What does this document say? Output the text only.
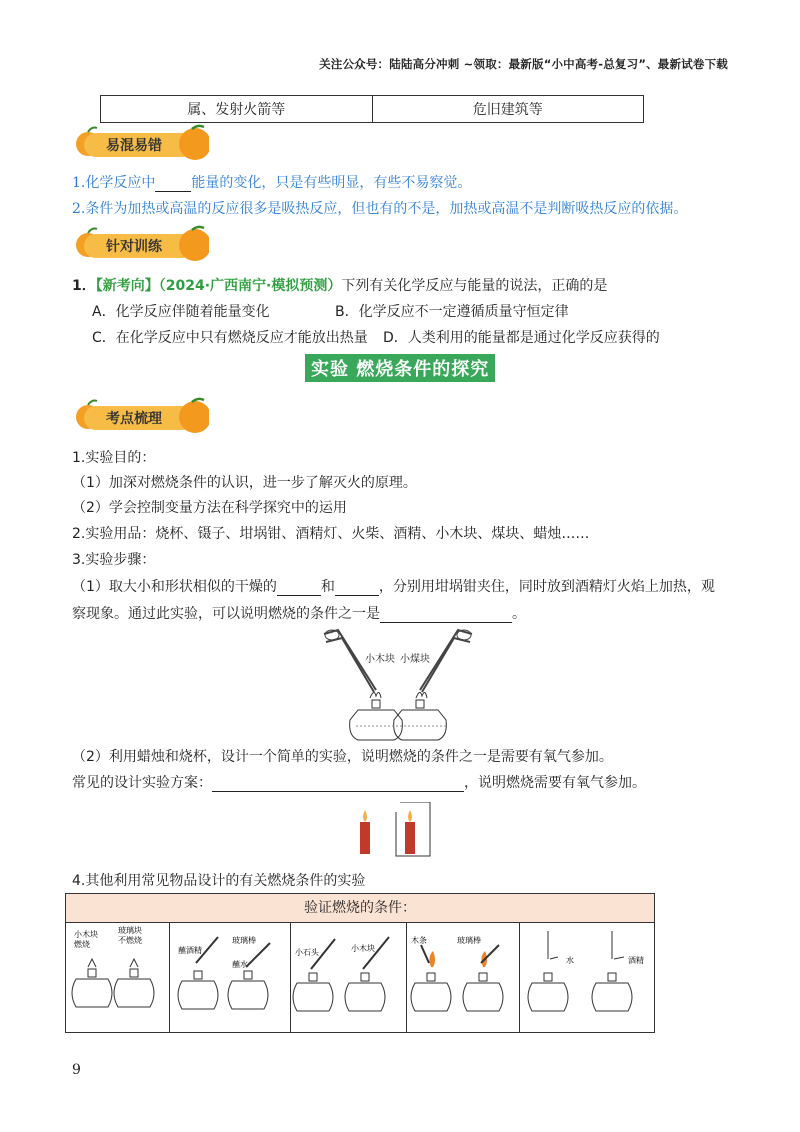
关注公众号：陆陆高分冲刺 ~领取：最新版“小中高考-总复习”、最新试卷下载
属、发射火箭等	危旧建筑等
易混易错
1.化学反应中	能量的变化，只是有些明显，有些不易察觉。
2.条件为加热或高温的反应很多是吸热反应，但也有的不是，加热或高温不是判断吸热反应的依据。
针对训练
1．【新考向】（2024·广西南宁·模拟预测）下列有关化学反应与能量的说法，正确的是
A．化学反应伴随着能量变化	B．化学反应不一定遵循质量守恒定律
C．在化学反应中只有燃烧反应才能放出热量 D．人类利用的能量都是通过化学反应获得的
实验 燃烧条件的探究
考点梳理
1.实验目的：
（1）加深对燃烧条件的认识，进一步了解灭火的原理。
（2）学会控制变量方法在科学探究中的运用
2.实验用品：烧杯、镊子、坩埚钳、酒精灯、火柴、酒精、小木块、煤块、蜡烛……
3.实验步骤：
（1）取大小和形状相似的干燥的	和	，分别用坩埚钳夹住，同时放到酒精灯火焰上加热，观
察现象。通过此实验，可以说明燃烧的条件之一是	。
小木块 小煤块
（2）利用蜡烛和烧杯，设计一个简单的实验，说明燃烧的条件之一是需要有氧气参加。
常见的设计实验方案：	，说明燃烧需要有氧气参加。
4.其他利用常见物品设计的有关燃烧条件的实验
验证燃烧的条件：
小木块
燃烧
玻璃块
不燃烧
蘸酒精
玻璃棒
蘸水
小石头	小木块
木条	玻璃棒
水	酒精
9
